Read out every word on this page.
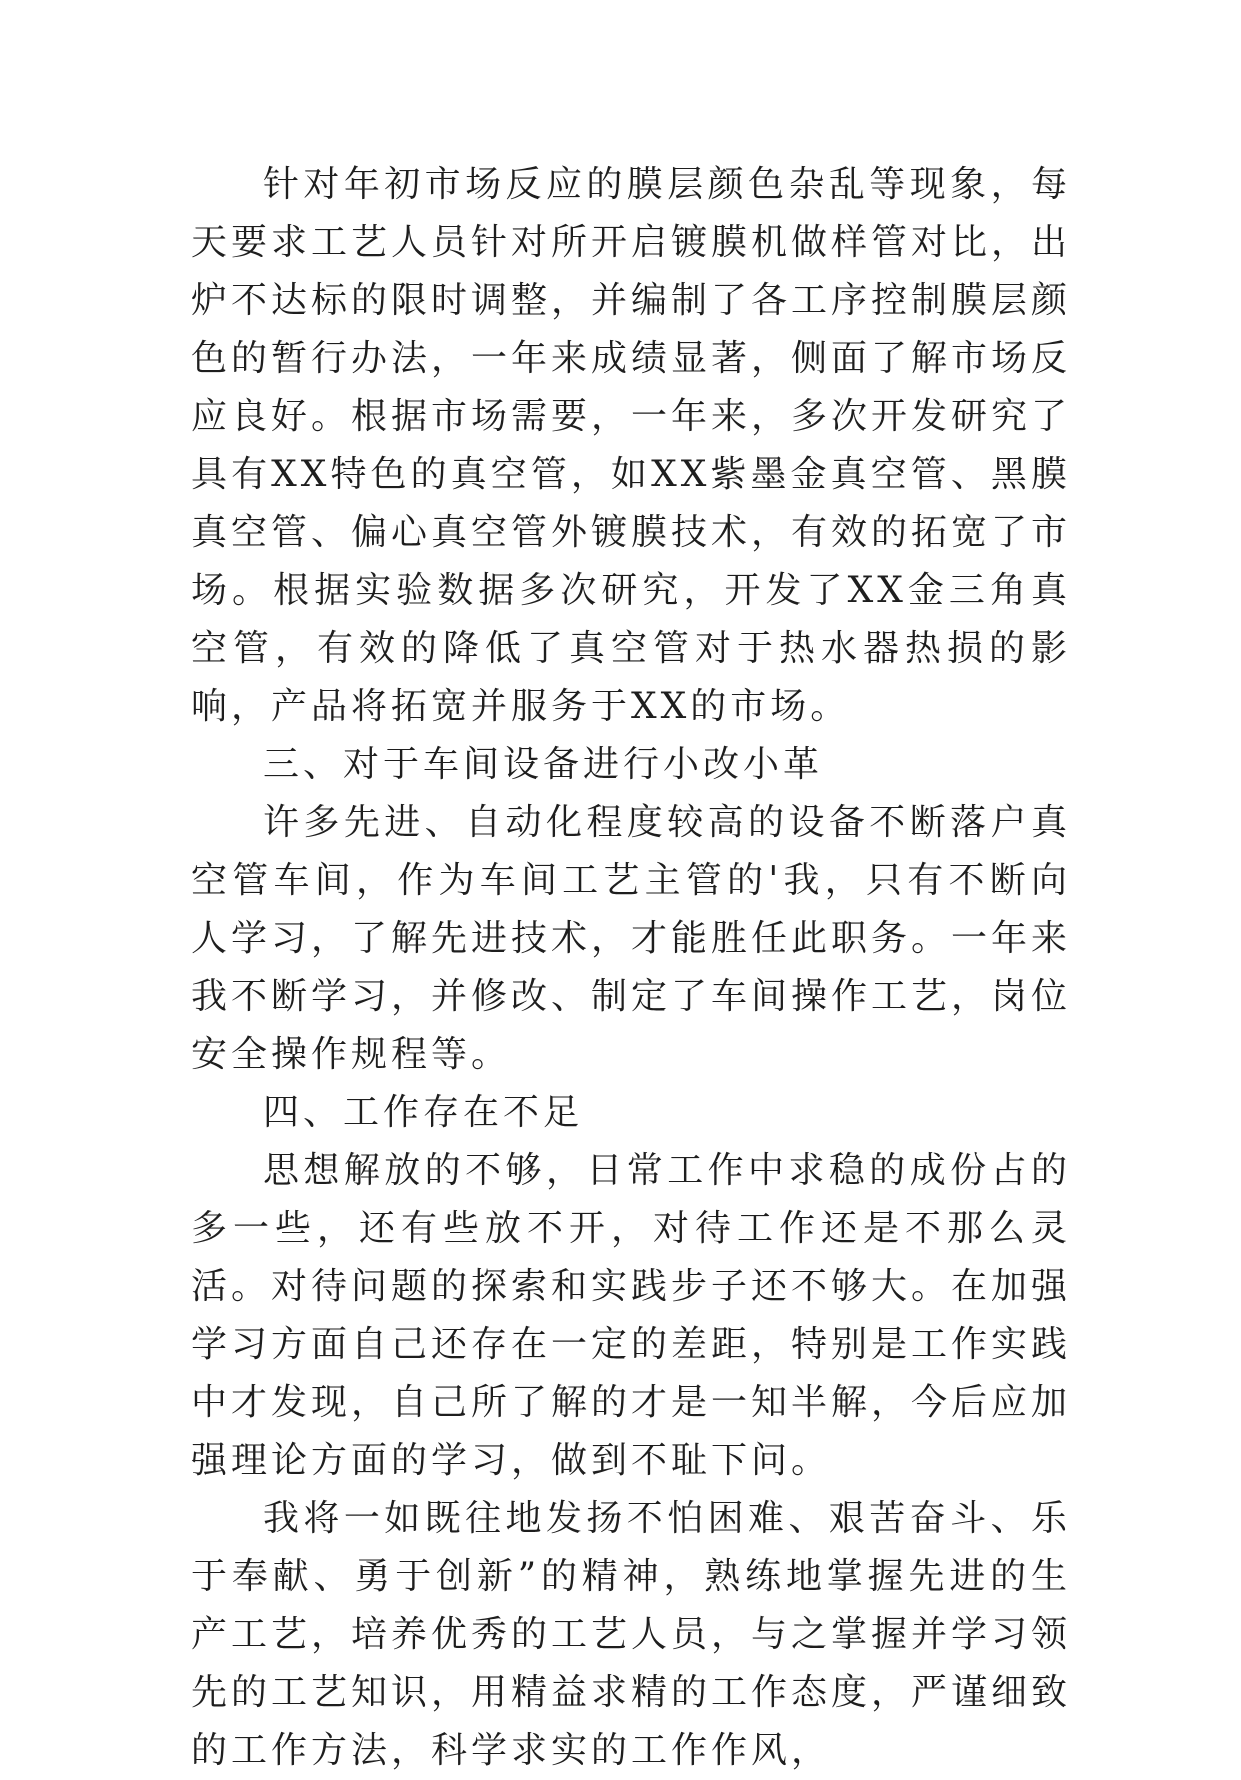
针对年初市场反应的膜层颜色杂乱等现象，每天要求工艺人员针对所开启镀膜机做样管对比，出炉不达标的限时调整，并编制了各工序控制膜层颜色的暂行办法，一年来成绩显著，侧面了解市场反应良好。根据市场需要，一年来，多次开发研究了具有XX特色的真空管，如XX紫墨金真空管、黑膜真空管、偏心真空管外镀膜技术，有效的拓宽了市场。根据实验数据多次研究，开发了XX金三角真空管，有效的降低了真空管对于热水器热损的影响，产品将拓宽并服务于XX的市场。

三、对于车间设备进行小改小革

许多先进、自动化程度较高的设备不断落户真空管车间，作为车间工艺主管的'我，只有不断向人学习，了解先进技术，才能胜任此职务。一年来我不断学习，并修改、制定了车间操作工艺，岗位安全操作规程等。

四、工作存在不足

思想解放的不够，日常工作中求稳的成份占的多一些，还有些放不开，对待工作还是不那么灵活。对待问题的探索和实践步子还不够大。在加强学习方面自己还存在一定的差距，特别是工作实践中才发现，自己所了解的才是一知半解，今后应加强理论方面的学习，做到不耻下问。

我将一如既往地发扬不怕困难、艰苦奋斗、乐于奉献、勇于创新”的精神，熟练地掌握先进的生产工艺，培养优秀的工艺人员，与之掌握并学习领先的工艺知识，用精益求精的工作态度，严谨细致的工作方法，科学求实的工作作风，
